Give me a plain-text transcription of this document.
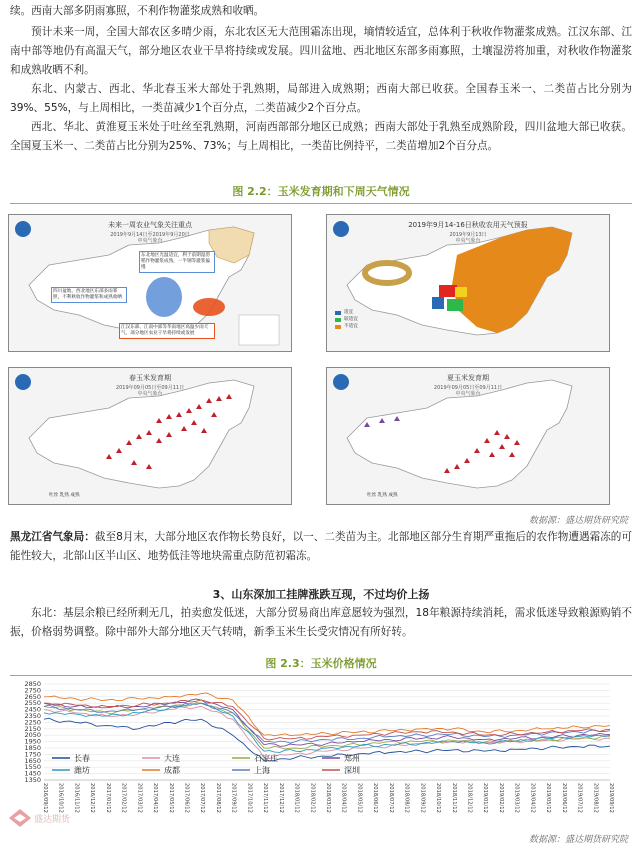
续。西南大部多阴雨寡照，不利作物灌浆成熟和收晒。
预计未来一周，全国大部农区多晴少雨，东北农区无大范围霜冻出现，墒情较适宜，总体利于秋收作物灌浆成熟。江汉东部、江南中部等地仍有高温天气，部分地区农业干旱将持续或发展。四川盆地、西北地区东部多雨寡照，土壤湿涝将加重，对秋收作物灌浆和成熟收晒不利。
东北、内蒙古、西北、华北春玉米大部处于乳熟期，局部进入成熟期；西南大部已收获。全国春玉米一、二类苗占比分别为39%、55%，与上周相比，一类苗减少1个百分点，二类苗减少2个百分点。
西北、华北、黄淮夏玉米处于吐丝至乳熟期，河南西部部分地区已成熟；西南大部处于乳熟至成熟阶段，四川盆地大部已收获。全国夏玉米一、二类苗占比分别为25%、73%；与上周相比，一类苗比例持平，二类苗增加2个百分点。
图 2.2：玉米发育期和下周天气情况
未来一周农业气象关注重点
2019年9月14日至2019年9月20日
中央气象台
东北地区光温适宜，利于前期湿涝稻作物灌浆成熟，一半钢等灌浆偏慢
四川盆地、西北地区东部多雨寡照，不利秋收作物灌浆和成熟收晒
江汉东部、江南中部等华南地区高温少雨天气，部分地区农业干旱将持续或发展
2019年9月14-16日秋收农用天气预报
2019年9月13日
中央气象台
适宜
较适宜
不适宜
春玉米发育期
2019年09月05日至09月11日
中央气象台
吐丝 乳熟 成熟
夏玉米发育期
2019年09月05日至09月11日
中央气象台
吐丝 乳熟 成熟
数据源：盛达期货研究院
黑龙江省气象局：截至8月末，大部分地区农作物长势良好，以一、二类苗为主。北部地区部分生育期严重拖后的农作物遭遇霜冻的可能性较大，北部山区半山区、地势低洼等地块需重点防范初霜冻。
3、山东深加工挂牌涨跌互现，不过均价上扬
东北：基层余粮已经所剩无几，拍卖愈发低迷，大部分贸易商出库意愿较为强烈，18年粮源持续消耗，需求低迷导致粮源购销不振，价格弱势调整。除中部外大部分地区天气转晴，新季玉米生长受灾情况有所好转。
图 2.3：玉米价格情况
1350
1450
1550
1650
1750
1850
1950
2050
2150
2250
2350
2450
2550
2650
2750
2850
2016/09/12 2016/10/12 2016/11/12 2016/12/12 2017/01/12 2017/02/12 2017/03/12 2017/04/12 2017/05/12 2017/06/12 2017/07/12 2017/08/12 2017/09/12 2017/10/12 2017/11/12 2017/12/12 2018/01/12 2018/02/12 2018/03/12 2018/04/12 2018/05/12 2018/06/12 2018/07/12 2018/08/12 2018/09/12 2018/10/12 2018/11/12 2018/12/12 2019/01/12 2019/02/12 2019/03/12 2019/04/12 2019/05/12 2019/06/12 2019/07/12 2019/08/12 2019/09/12
长春	大连	石家庄	郑州
潍坊	成都	上海	深圳
盛达期货
数据源：盛达期货研究院
